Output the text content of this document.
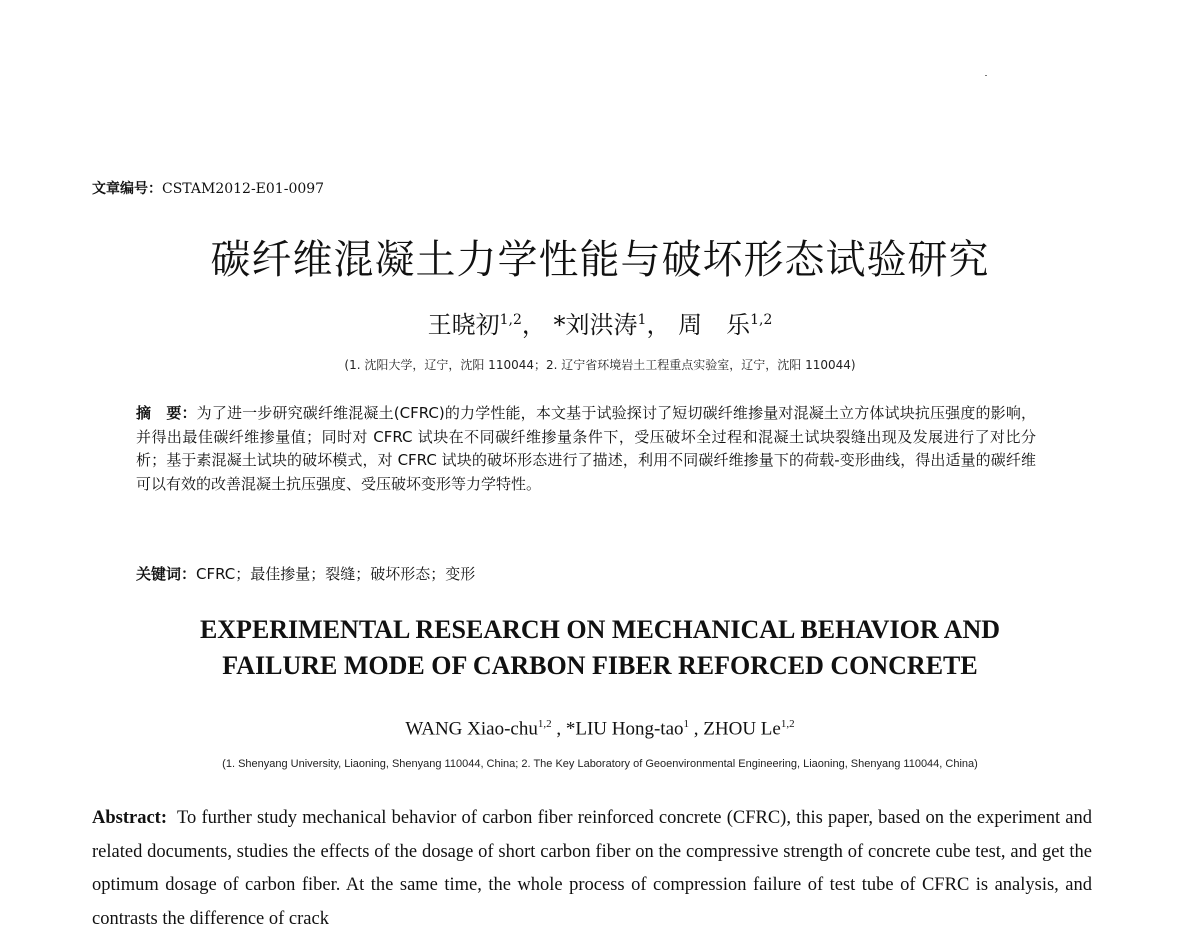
文章编号：CSTAM2012-E01-0097
碳纤维混凝土力学性能与破坏形态试验研究
王晓初$^{1,2}$， *刘洪涛$^1$， 周　乐$^{1,2}$
(1. 沈阳大学，辽宁，沈阳 110044；2. 辽宁省环境岩土工程重点实验室，辽宁，沈阳 110044)
摘　要：为了进一步研究碳纤维混凝土(CFRC)的力学性能，本文基于试验探讨了短切碳纤维掺量对混凝土立方体试块抗压强度的影响，并得出最佳碳纤维掺量值；同时对 CFRC 试块在不同碳纤维掺量条件下，受压破坏全过程和混凝土试块裂缝出现及发展进行了对比分析；基于素混凝土试块的破坏模式，对 CFRC 试块的破坏形态进行了描述，利用不同碳纤维掺量下的荷载-变形曲线，得出适量的碳纤维可以有效的改善混凝土抗压强度、受压破坏变形等力学特性。
关键词：CFRC；最佳掺量；裂缝；破坏形态；变形
EXPERIMENTAL RESEARCH ON MECHANICAL BEHAVIOR AND
FAILURE MODE OF CARBON FIBER REFORCED CONCRETE
WANG Xiao-chu$^{1,2}$ , *LIU Hong-tao$^1$ , ZHOU Le$^{1,2}$
(1. Shenyang University, Liaoning, Shenyang 110044, China; 2. The Key Laboratory of Geoenvironmental Engineering, Liaoning, Shenyang 110044, China)
Abstract: To further study mechanical behavior of carbon fiber reinforced concrete (CFRC), this paper, based on the experiment and related documents, studies the effects of the dosage of short carbon fiber on the compressive strength of concrete cube test, and get the optimum dosage of carbon fiber. At the same time, the whole process of compression failure of test tube of CFRC is analysis, and contrasts the difference of crack
